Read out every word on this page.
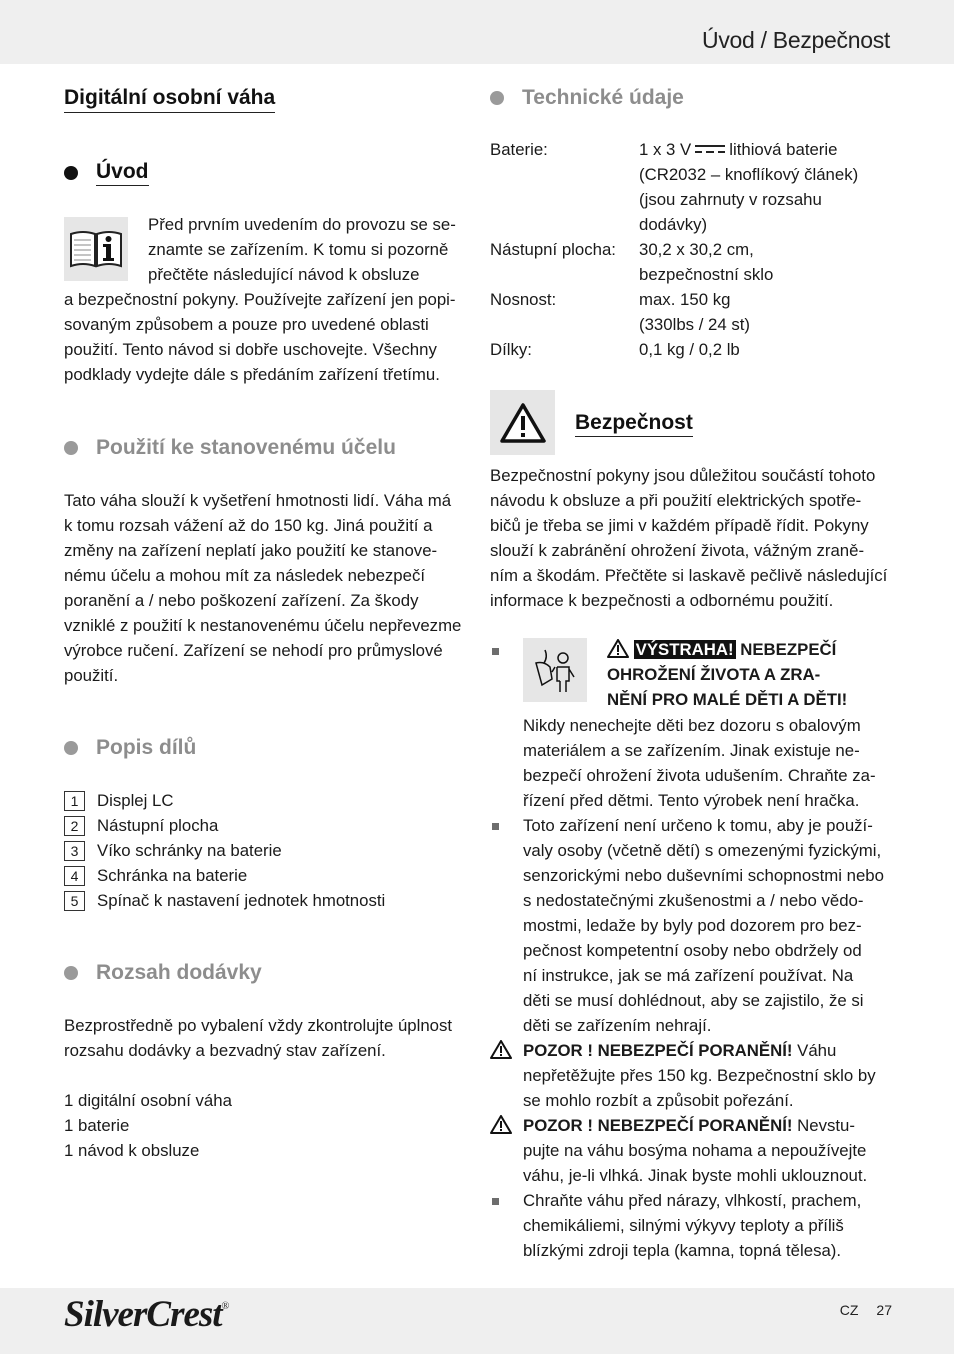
Úvod / Bezpečnost
Digitální osobní váha
Úvod
Před prvním uvedením do provozu se se-
znamte se zařízením. K tomu si pozorně
přečtěte následující návod k obsluze
a bezpečnostní pokyny. Používejte zařízení jen popi-
sovaným způsobem a pouze pro uvedené oblasti
použití. Tento návod si dobře uschovejte. Všechny
podklady vydejte dále s předáním zařízení třetímu.
Použití ke stanovenému účelu
Tato váha slouží k vyšetření hmotnosti lidí. Váha má
k tomu rozsah vážení až do 150 kg. Jiná použití a
změny na zařízení neplatí jako použití ke stanove-
nému účelu a mohou mít za následek nebezpečí
poranění a / nebo poškození zařízení. Za škody
vzniklé z použití k nestanovenému účelu nepřevezme
výrobce ručení. Zařízení se nehodí pro průmyslové
použití.
Popis dílů
1	Displej LC
2	Nástupní plocha
3	Víko schránky na baterie
4	Schránka na baterie
5	Spínač k nastavení jednotek hmotnosti
Rozsah dodávky
Bezprostředně po vybalení vždy zkontrolujte úplnost
rozsahu dodávky a bezvadný stav zařízení.
1 digitální osobní váha
1 baterie
1 návod k obsluze
Technické údaje
Baterie:	1 x 3 V lithiová baterie
(CR2032 – knoflíkový článek)
(jsou zahrnuty v rozsahu
dodávky)
Nástupní plocha:	30,2 x 30,2 cm,
bezpečnostní sklo
Nosnost:	max. 150 kg
(330lbs / 24 st)
Dílky:	0,1 kg / 0,2 lb
Bezpečnost
Bezpečnostní pokyny jsou důležitou součástí tohoto
návodu k obsluze a při použití elektrických spotře-
bičů je třeba se jimi v každém případě řídit. Pokyny
slouží k zabránění ohrožení života, vážným zraně-
ním a škodám. Přečtěte si laskavě pečlivě následující
informace k bezpečnosti a odbornému použití.
VÝSTRAHA! NEBEZPEČÍ
OHROŽENÍ ŽIVOTA A ZRA-
NĚNÍ PRO MALÉ DĚTI A DĚTI!
Nikdy nenechejte děti bez dozoru s obalovým
materiálem a se zařízením. Jinak existuje ne-
bezpečí ohrožení života udušením. Chraňte za-
řízení před dětmi. Tento výrobek není hračka.
Toto zařízení není určeno k tomu, aby je použí-
valy osoby (včetně dětí) s omezenými fyzickými,
senzorickými nebo duševními schopnostmi nebo
s nedostatečnými zkušenostmi a / nebo vědo-
mostmi, ledaže by byly pod dozorem pro bez-
pečnost kompetentní osoby nebo obdržely od
ní instrukce, jak se má zařízení používat. Na
děti se musí dohlédnout, aby se zajistilo, že si
děti se zařízením nehrají.
POZOR ! NEBEZPEČÍ PORANĚNÍ! Váhu
nepřetěžujte přes 150 kg. Bezpečnostní sklo by
se mohlo rozbít a způsobit pořezání.
POZOR ! NEBEZPEČÍ PORANĚNÍ! Nevstu-
pujte na váhu bosýma nohama a nepoužívejte
váhu, je-li vlhká. Jinak byste mohli uklouznout.
Chraňte váhu před nárazy, vlhkostí, prachem,
chemikáliemi, silnými výkyvy teploty a příliš
blízkými zdroji tepla (kamna, topná tělesa).
SilverCrest®	CZ 27
